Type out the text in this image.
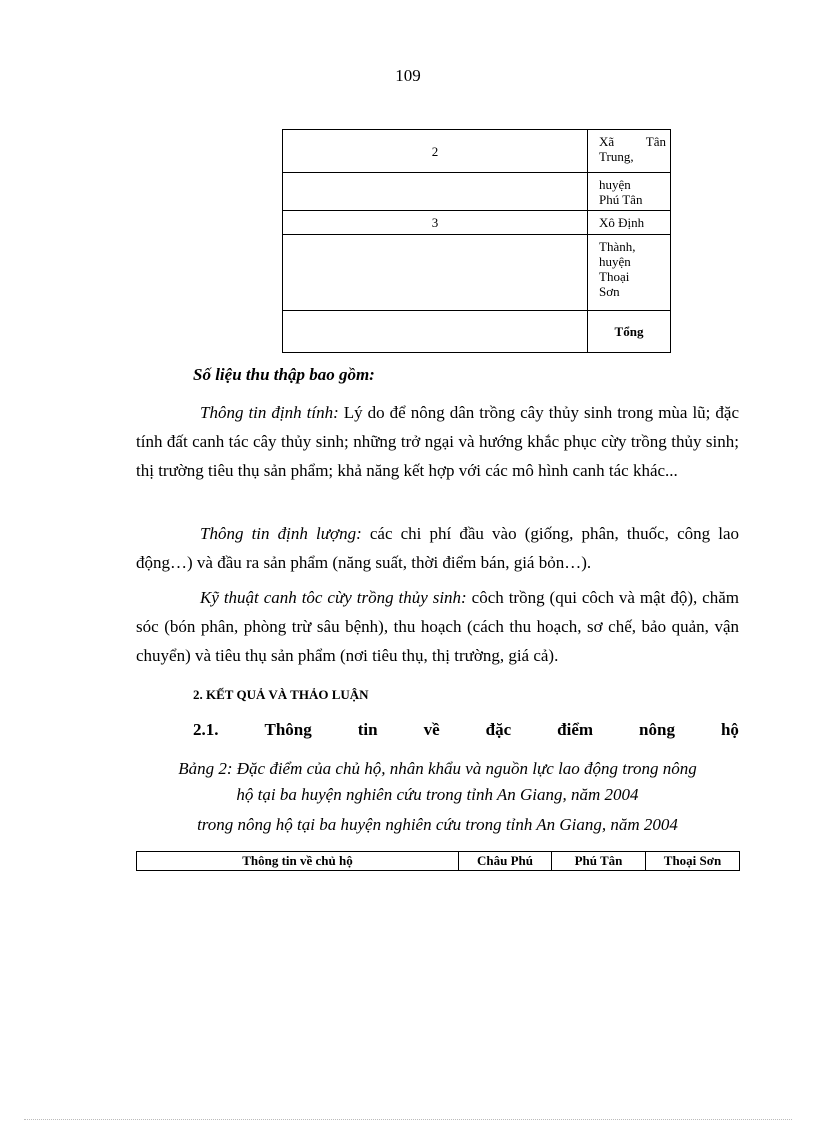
109
2	Xã Tân
Trung,

	huyện
Phú Tân

3	Xô Định

	Thành,
huyện
Thoại
Sơn

	Tổng
Số liệu thu thập bao gồm:
Thông tin định tính: Lý do để nông dân trồng cây thủy sinh trong mùa lũ; đặc tính đất canh tác cây thủy sinh; những trở ngại và hướng khắc phục cừy trồng thủy sinh; thị trường tiêu thụ sản phẩm; khả năng kết hợp với các mô hình canh tác khác...
Thông tin định lượng: các chi phí đầu vào (giống, phân, thuốc, công lao động…) và đầu ra sản phẩm (năng suất, thời điểm bán, giá bỏn…).
Kỹ thuật canh tôc cừy trồng thủy sinh: côch trồng (qui côch và mật độ), chăm sóc (bón phân, phòng trừ sâu bệnh), thu hoạch (cách thu hoạch, sơ chế, bảo quản, vận chuyển) và tiêu thụ sản phẩm (nơi tiêu thụ, thị trường, giá cả).
2. KẾT QUẢ VÀ THẢO LUẬN
2.1.	Thông	tin	về	đặc	điểm	nông	hộ
Bảng 2: Đặc điểm của chủ hộ, nhân khẩu và nguồn lực lao động trong nông
hộ tại ba huyện nghiên cứu trong tỉnh An Giang, năm 2004
trong nông hộ tại ba huyện nghiên cứu trong tỉnh An Giang, năm 2004
Thông tin về chủ hộ	Châu Phú	Phú Tân	Thoại Sơn
